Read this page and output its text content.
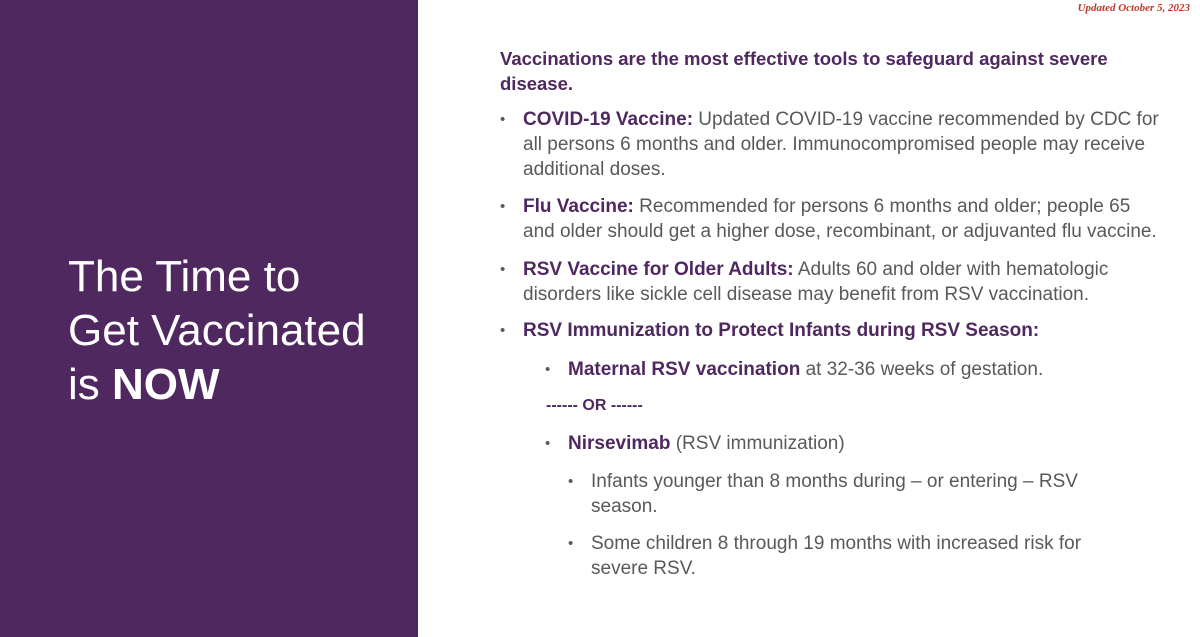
The Time to
Get Vaccinated
is NOW
Updated October 5, 2023

Vaccinations are the most effective tools to safeguard against severe disease.

• COVID-19 Vaccine: Updated COVID-19 vaccine recommended by CDC for all persons 6 months and older. Immunocompromised people may receive additional doses.

• Flu Vaccine: Recommended for persons 6 months and older; people 65 and older should get a higher dose, recombinant, or adjuvanted flu vaccine.

• RSV Vaccine for Older Adults: Adults 60 and older with hematologic disorders like sickle cell disease may benefit from RSV vaccination.

• RSV Immunization to Protect Infants during RSV Season:

• Maternal RSV vaccination at 32-36 weeks of gestation.

------ OR ------

• Nirsevimab (RSV immunization)

• Infants younger than 8 months during – or entering – RSV season.

• Some children 8 through 19 months with increased risk for severe RSV.
